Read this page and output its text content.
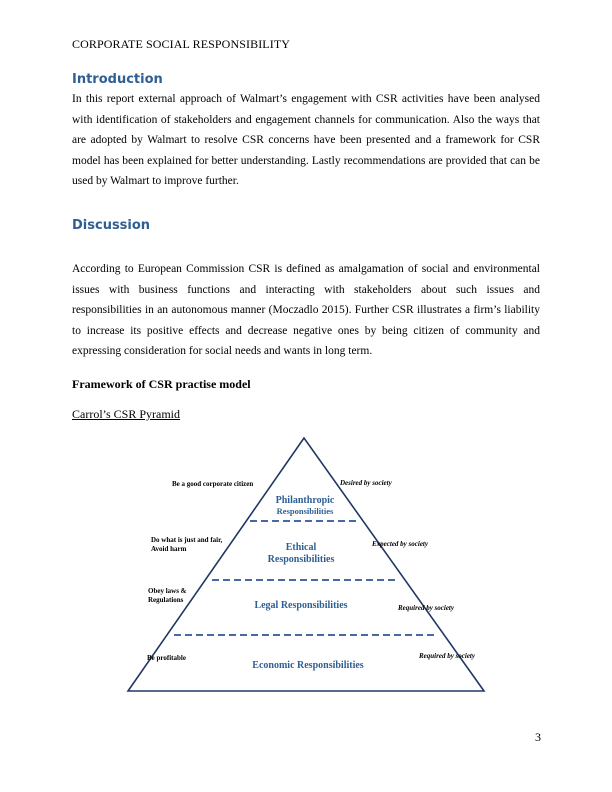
CORPORATE SOCIAL RESPONSIBILITY
Introduction

In this report external approach of Walmart’s engagement with CSR activities have been analysed with identification of stakeholders and engagement channels for communication. Also the ways that are adopted by Walmart to resolve CSR concerns have been presented and a framework for CSR model has been explained for better understanding. Lastly recommendations are provided that can be used by Walmart to improve further.

Discussion

According to European Commission CSR is defined as amalgamation of social and environmental issues with business functions and interacting with stakeholders about such issues and responsibilities in an autonomous manner (Moczadlo 2015). Further CSR illustrates a firm’s liability to increase its positive effects and decrease negative ones by being citizen of community and expressing consideration for social needs and wants in long term.

Framework of CSR practise model
Carrol’s CSR Pyramid
Philanthropic
Responsibilities
Ethical
Responsibilities
Legal Responsibilities
Economic Responsibilities
Be a good corporate citizen
Do what is just and fair,
Avoid harm
Obey laws &
Regulations
Be profitable
Desired by society
Expected by society
Required by society
Required by society
3
